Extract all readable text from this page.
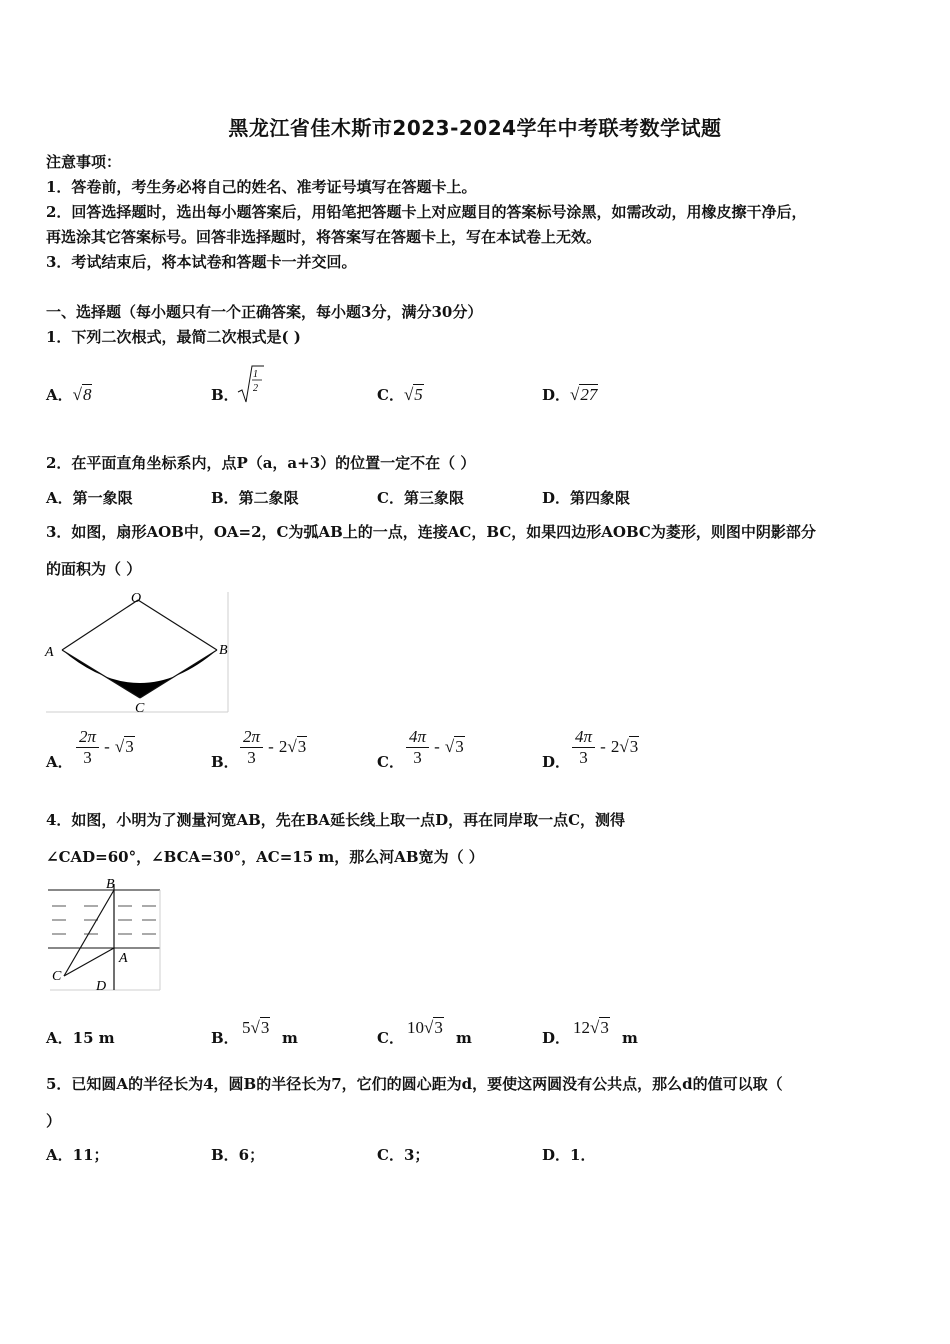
黑龙江省佳木斯市2023-2024学年中考联考数学试题
注意事项：
1．答卷前，考生务必将自己的姓名、准考证号填写在答题卡上。
2．回答选择题时，选出每小题答案后，用铅笔把答题卡上对应题目的答案标号涂黑，如需改动，用橡皮擦干净后，
再选涂其它答案标号。回答非选择题时，将答案写在答题卡上，写在本试卷上无效。
3．考试结束后，将本试卷和答题卡一并交回。
一、选择题（每小题只有一个正确答案，每小题3分，满分30分）
1．下列二次根式，最简二次根式是( )
A．√8	B．
1
2	C．√5	D．√27
2．在平面直角坐标系内，点P（a，a+3）的位置一定不在（ ）
A．第一象限	B．第二象限	C．第三象限	D．第四象限
3．如图，扇形AOB中，OA=2，C为弧AB上的一点，连接AC，BC，如果四边形AOBC为菱形，则图中阴影部分
的面积为（ ）
O
A	B
C
A． $\frac{2\pi}{3} - √3$
B． $\frac{2\pi}{3} - 2√3$
C． $\frac{4\pi}{3} - √3$
D． $\frac{4\pi}{3} - 2√3$
4．如图，小明为了测量河宽AB，先在BA延长线上取一点D，再在同岸取一点C，测得
∠CAD=60°，∠BCA=30°，AC=15 m，那么河AB宽为（ ）
B
A
C
D
A．15 m	B．
5√3
m	C．
10√3
m	D．
12√3
m
5．已知圆A的半径长为4，圆B的半径长为7，它们的圆心距为d，要使这两圆没有公共点，那么d的值可以取（
）
A．11；	B．6；	C．3；	D．1．
